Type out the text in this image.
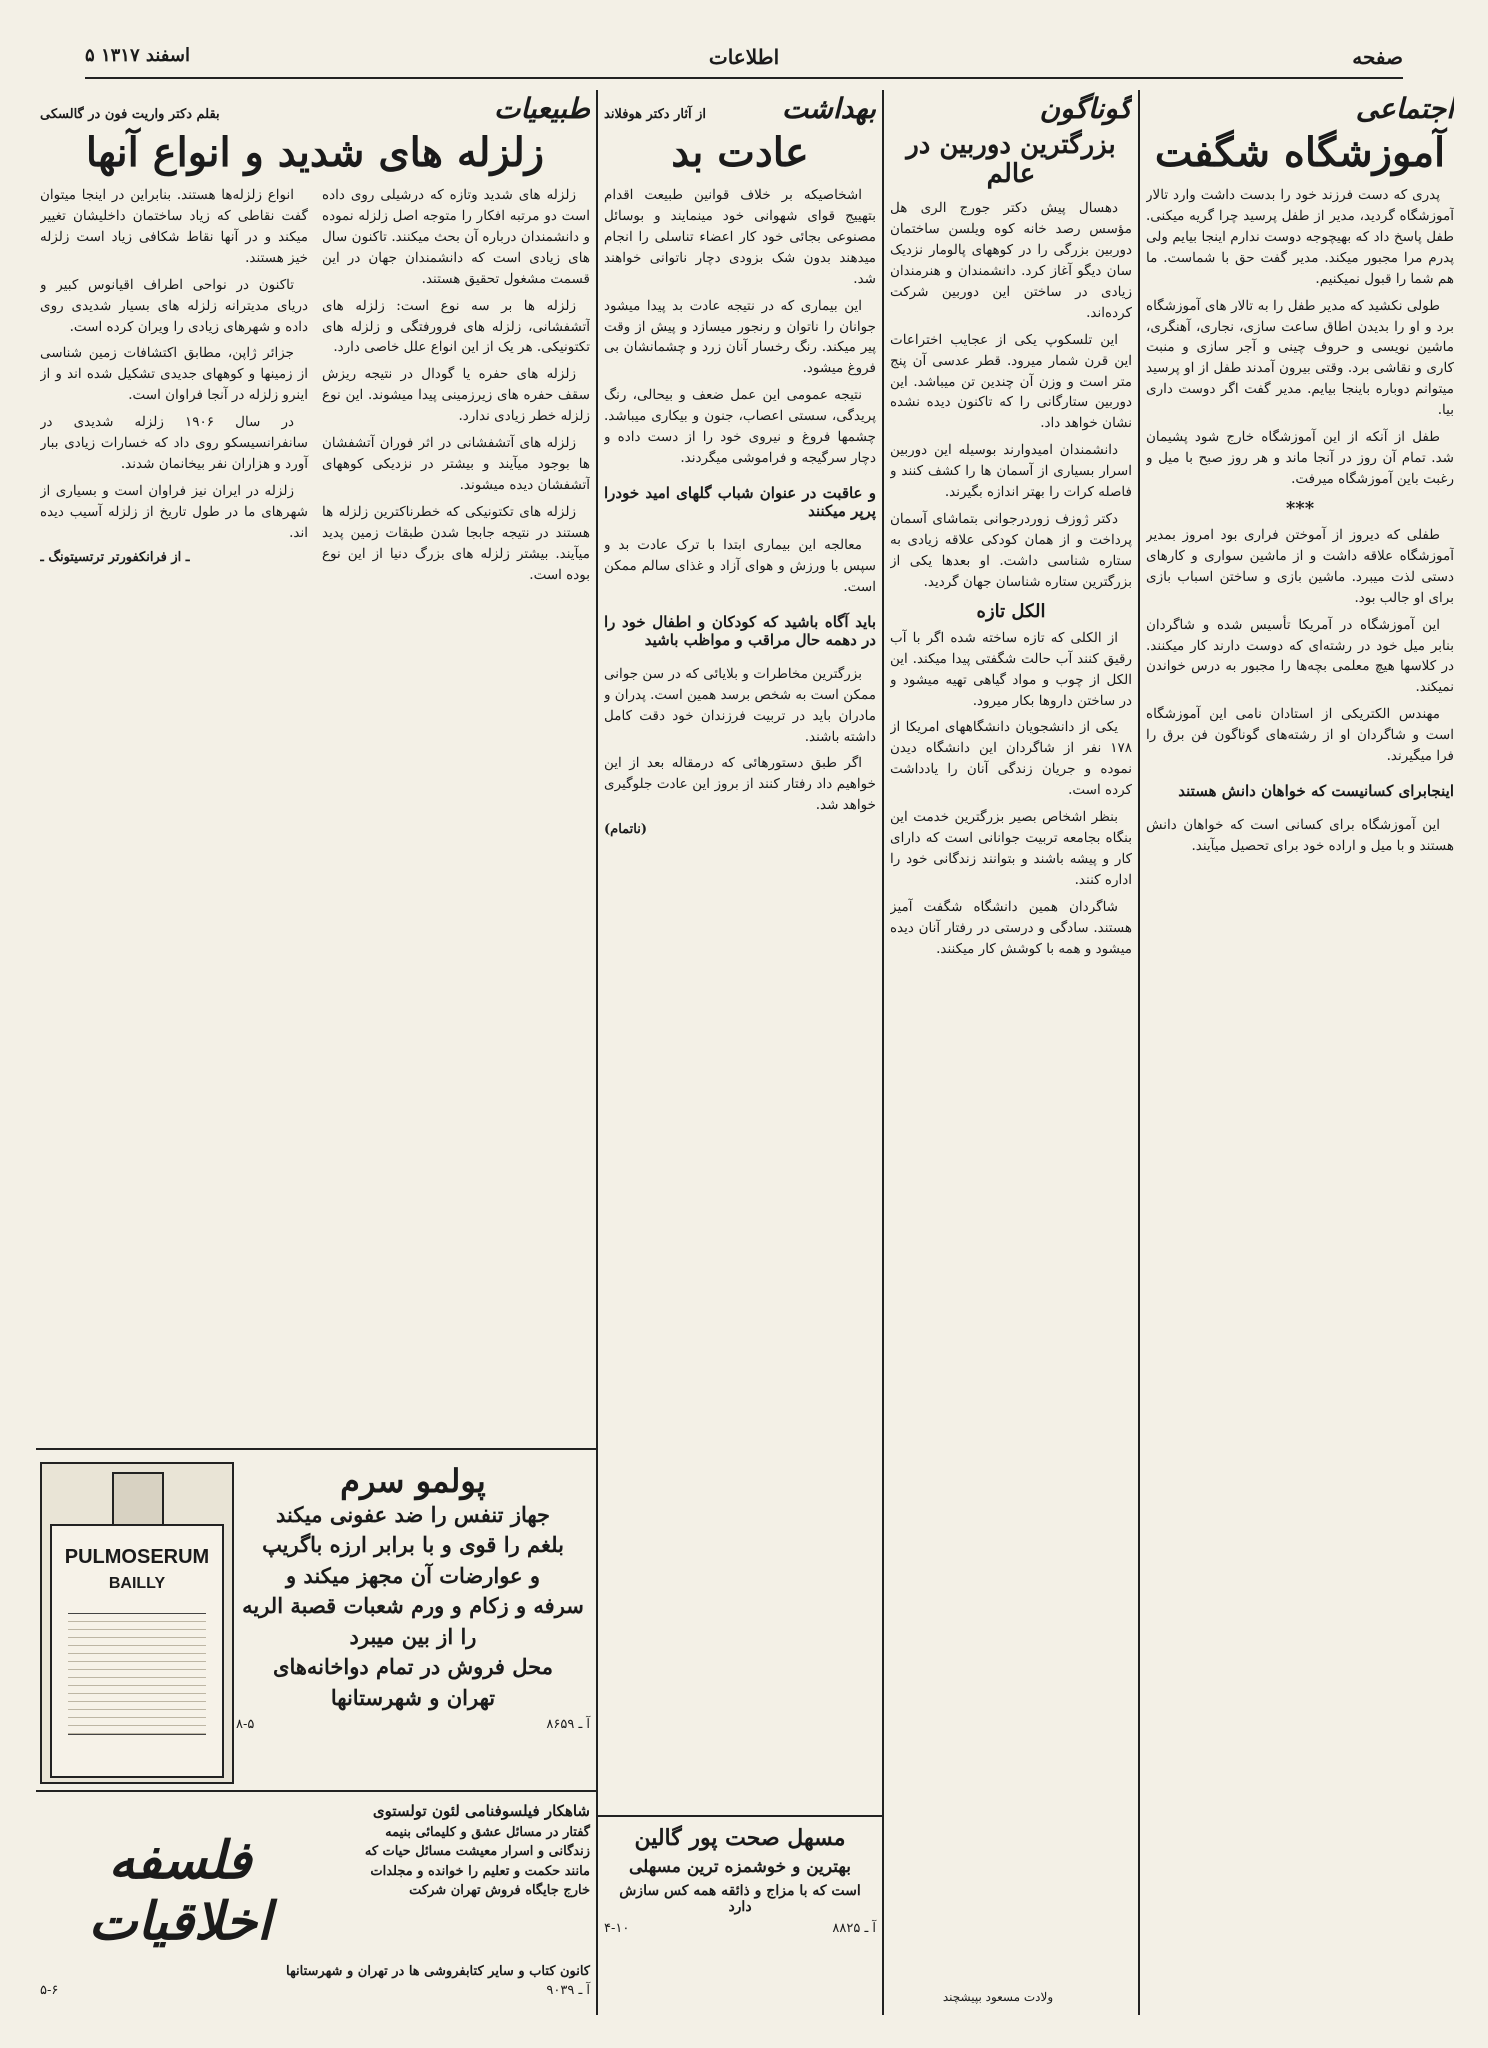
۵ اسفند ۱۳۱۷	اطلاعات	صفحه
اجتماعی
آموزشگاه شگفت

پدری که دست فرزند خود را بدست داشت وارد تالار آموزشگاه گردید، مدیر از طفل پرسید چرا گریه میکنی. طفل پاسخ داد که بهیچوجه دوست ندارم اینجا بیایم ولی پدرم مرا مجبور میکند. مدیر گفت حق با شماست. ما هم شما را قبول نمیکنیم.

طولی نکشید که مدیر طفل را به تالار های آموزشگاه برد و او را بدیدن اطاق ساعت سازی، نجاری، آهنگری، ماشین نویسی و حروف چینی و آجر سازی و منبت کاری و نقاشی برد. وقتی بیرون آمدند طفل از او پرسید میتوانم دوباره باینجا بیایم. مدیر گفت اگر دوست داری بیا.

طفل از آنکه از این آموزشگاه خارج شود پشیمان شد. تمام آن روز در آنجا ماند و هر روز صبح با میل و رغبت باین آموزشگاه میرفت.

***

طفلی که دیروز از آموختن فراری بود امروز بمدیر آموزشگاه علاقه داشت و از ماشین سواری و کارهای دستی لذت میبرد. ماشین بازی و ساختن اسباب بازی برای او جالب بود.

این آموزشگاه در آمریکا تأسیس شده و شاگردان بنابر میل خود در رشته‌ای که دوست دارند کار میکنند. در کلاسها هیچ معلمی بچه‌ها را مجبور به درس خواندن نمیکند.

مهندس الکتریکی از استادان نامی این آموزشگاه است و شاگردان او از رشته‌های گوناگون فن برق را فرا میگیرند.

اینجابرای کسانیست که خواهان دانش هستند

این آموزشگاه برای کسانی است که خواهان دانش هستند و با میل و اراده خود برای تحصیل میآیند.

گوناگون
بزرگترین دوربین در عالم

دهسال پیش دکتر جورج الری هل مؤسس رصد خانه کوه ویلسن ساختمان دوربین بزرگی را در کوههای پالومار نزدیک سان دیگو آغاز کرد. دانشمندان و هنرمندان زیادی در ساختن این دوربین شرکت کرده‌اند.

این تلسکوپ یکی از عجایب اختراعات این قرن شمار میرود. قطر عدسی آن پنج متر است و وزن آن چندین تن میباشد. این دوربین ستارگانی را که تاکنون دیده نشده نشان خواهد داد.

دانشمندان امیدوارند بوسیله این دوربین اسرار بسیاری از آسمان ها را کشف کنند و فاصله کرات را بهتر اندازه بگیرند.

دکتر ژوزف زوردرجوانی بتماشای آسمان پرداخت و از همان کودکی علاقه زیادی به ستاره شناسی داشت. او بعدها یکی از بزرگترین ستاره شناسان جهان گردید.

الکل تازه

از الکلی که تازه ساخته شده اگر با آب رقیق کنند آب حالت شگفتی پیدا میکند. این الکل از چوب و مواد گیاهی تهیه میشود و در ساختن داروها بکار میرود.

یکی از دانشجویان دانشگاههای امریکا از ۱۷۸ نفر از شاگردان این دانشگاه دیدن نموده و جریان زندگی آنان را یادداشت کرده است.

بنظر اشخاص بصیر بزرگترین خدمت این بنگاه بجامعه تربیت جوانانی است که دارای کار و پیشه باشند و بتوانند زندگانی خود را اداره کنند.

شاگردان همین دانشگاه شگفت آمیز هستند. سادگی و درستی در رفتار آنان دیده میشود و همه با کوشش کار میکنند.

بهداشت
از آثار دکتر هوفلاند
عادت بد

اشخاصیکه بر خلاف قوانین طبیعت اقدام بتهییج قوای شهوانی خود مینمایند و بوسائل مصنوعی بجائی خود کار اعضاء تناسلی را انجام میدهند بدون شک بزودی دچار ناتوانی خواهند شد.

این بیماری که در نتیجه عادت بد پیدا میشود جوانان را ناتوان و رنجور میسازد و پیش از وقت پیر میکند. رنگ رخسار آنان زرد و چشمانشان بی فروغ میشود.

نتیجه عمومی این عمل ضعف و بیحالی، رنگ پریدگی، سستی اعصاب، جنون و بیکاری میباشد. چشمها فروغ و نیروی خود را از دست داده و دچار سرگیجه و فراموشی میگردند.

و عاقبت در عنوان شباب گلهای امید خودرا پرپر میکنند

معالجه این بیماری ابتدا با ترک عادت بد و سپس با ورزش و هوای آزاد و غذای سالم ممکن است.

باید آگاه باشید که کودکان و اطفال خود را در دهمه حال مراقب و مواظب باشید

بزرگترین مخاطرات و بلایائی که در سن جوانی ممکن است به شخص برسد همین است. پدران و مادران باید در تربیت فرزندان خود دقت کامل داشته باشند.

اگر طبق دستورهائی که درمقاله بعد از این خواهیم داد رفتار کنند از بروز این عادت جلوگیری خواهد شد.

(ناتمام)
طبیعیات
بقلم دکتر واریت فون در گالسکی
زلزله های شدید و انواع آنها

زلزله های شدید وتازه که درشیلی روی داده است دو مرتبه افکار را متوجه اصل زلزله نموده و دانشمندان درباره آن بحث میکنند. تاکنون سال های زیادی است که دانشمندان جهان در این قسمت مشغول تحقیق هستند.

زلزله ها بر سه نوع است: زلزله های آتشفشانی، زلزله های فرورفتگی و زلزله های تکتونیکی. هر یک از این انواع علل خاصی دارد.

زلزله های حفره یا گودال در نتیجه ریزش سقف حفره های زیرزمینی پیدا میشوند. این نوع زلزله خطر زیادی ندارد.

زلزله های آتشفشانی در اثر فوران آتشفشان ها بوجود میآیند و بیشتر در نزدیکی کوههای آتشفشان دیده میشوند.

زلزله های تکتونیکی که خطرناکترین زلزله ها هستند در نتیجه جابجا شدن طبقات زمین پدید میآیند. بیشتر زلزله های بزرگ دنیا از این نوع بوده است.

انواع زلزله‌ها هستند. بنابراین در اینجا میتوان گفت نقاطی که زیاد ساختمان داخلیشان تغییر میکند و در آنها نقاط شکافی زیاد است زلزله خیز هستند.

تاکنون در نواحی اطراف اقیانوس کبیر و دریای مدیترانه زلزله های بسیار شدیدی روی داده و شهرهای زیادی را ویران کرده است.

جزائر ژاپن، مطابق اکتشافات زمین شناسی از زمینها و کوههای جدیدی تشکیل شده اند و از اینرو زلزله در آنجا فراوان است.

در سال ۱۹۰۶ زلزله شدیدی در سانفرانسیسکو روی داد که خسارات زیادی ببار آورد و هزاران نفر بیخانمان شدند.

زلزله در ایران نیز فراوان است و بسیاری از شهرهای ما در طول تاریخ از زلزله آسیب دیده اند.

ـ از فرانکفورتر ترتسیتونگ ـ
PULMOSERUM
BAILLY
پولمو سرم
جهاز تنفس را ضد عفونی میکند
بلغم را قوی و با برابر ارزه باگریپ
و عوارضات آن مجهز میکند و
سرفه و زکام و ورم شعبات قصبة الریه
را از بین میبرد
محل فروش در تمام دواخانه‌های
تهران و شهرستانها
آ ـ ۸۶۵۹
۸-۵
شاهکار فیلسوفنامی لئون تولستوی
گفتار در مسائل عشق و کلیمائی بنیمه
زندگانی و اسرار معیشت مسائل حیات که
مانند حکمت و تعلیم را خوانده و مجلدات
خارج جایگاه فروش تهران شرکت
فلسفه اخلاقیات
کانون کتاب و سایر کتابفروشی ها در تهران و شهرستانها
آ ـ ۹۰۳۹
۵-۶
مسهل صحت پور گالین
بهترین و خوشمزه ترین مسهلی
است که با مزاج و ذائقه همه کس سازش
دارد
آ ـ ۸۸۲۵
۴-۱۰
ولادت مسعود بپیشچند
